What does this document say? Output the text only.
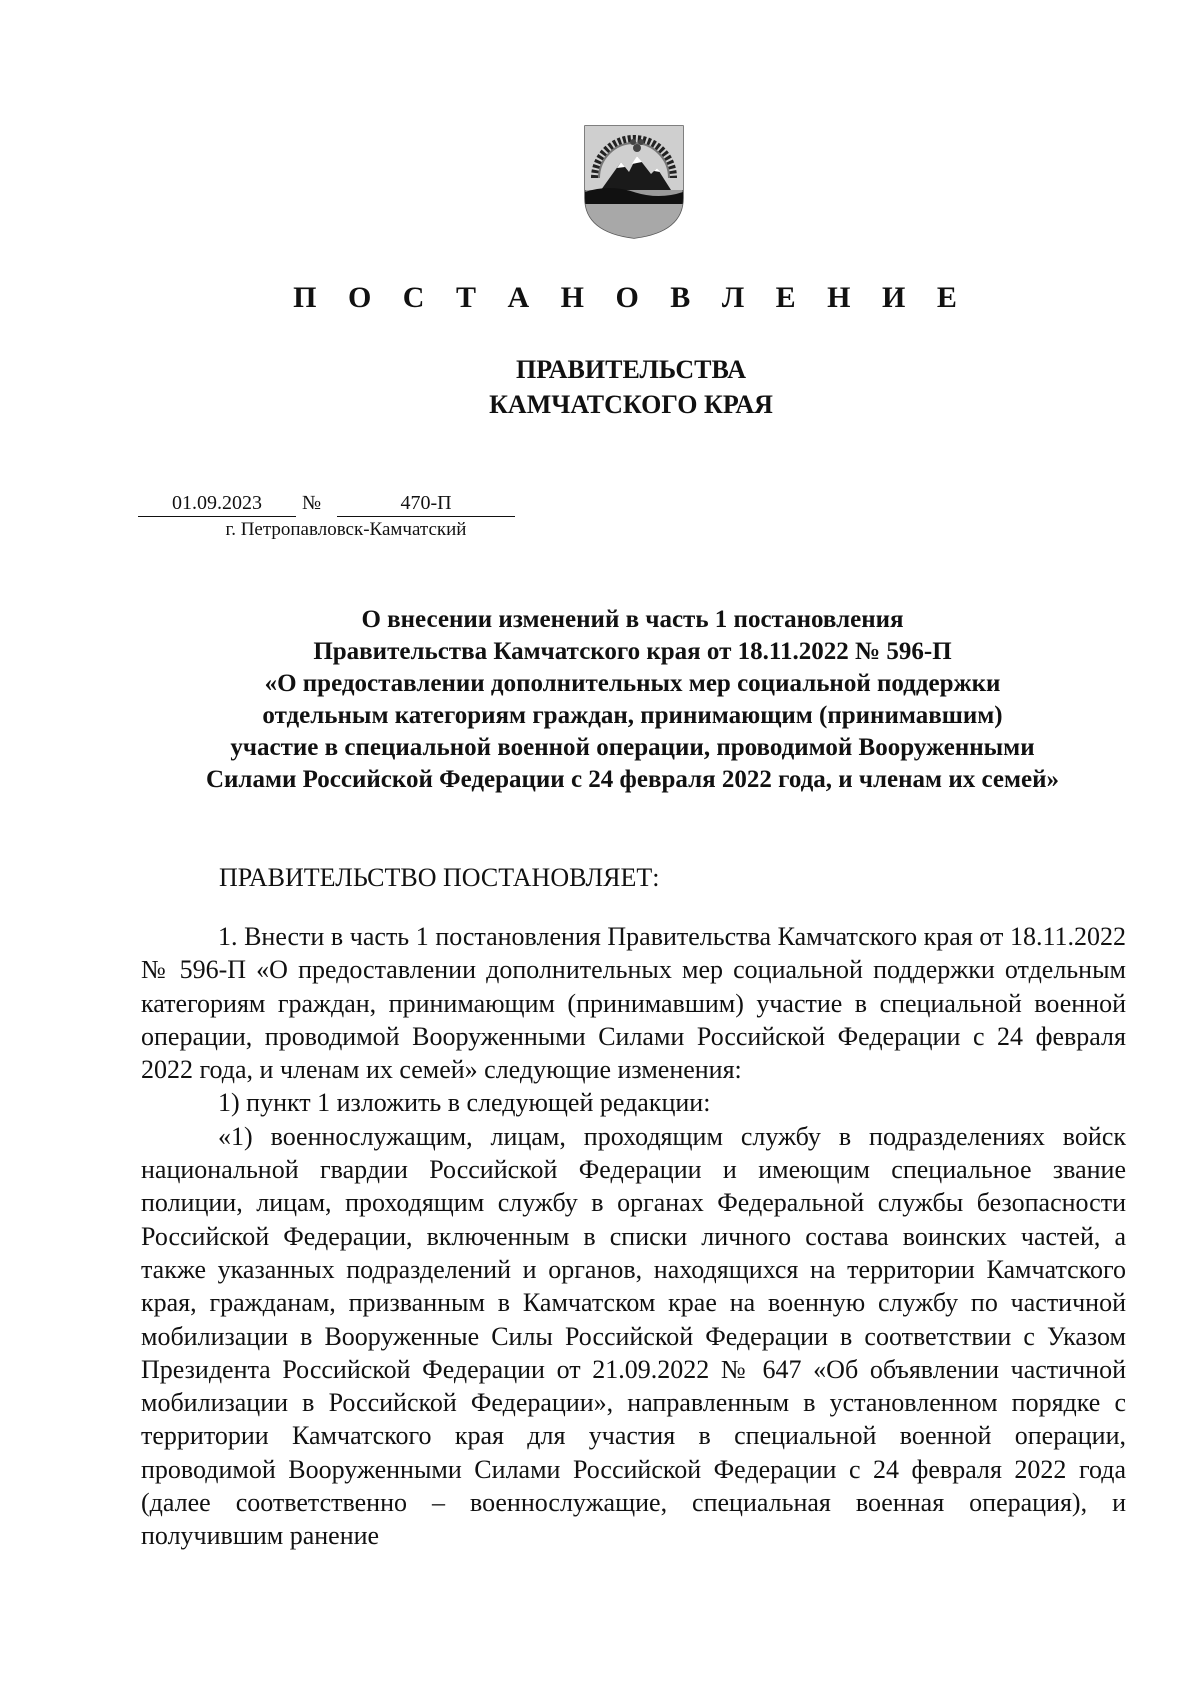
П О С Т А Н О В Л Е Н И Е
ПРАВИТЕЛЬСТВА
КАМЧАТСКОГО КРАЯ
01.09.2023	№	470-П
г. Петропавловск-Камчатский
О внесении изменений в часть 1 постановления
Правительства Камчатского края от 18.11.2022 № 596-П
«О предоставлении дополнительных мер социальной поддержки
отдельным категориям граждан, принимающим (принимавшим)
участие в специальной военной операции, проводимой Вооруженными
Силами Российской Федерации с 24 февраля 2022 года, и членам их семей»

ПРАВИТЕЛЬСТВО ПОСТАНОВЛЯЕТ:

1. Внести в часть 1 постановления Правительства Камчатского края от 18.11.2022 № 596-П «О предоставлении дополнительных мер социальной поддержки отдельным категориям граждан, принимающим (принимавшим) участие в специальной военной операции, проводимой Вооруженными Силами Российской Федерации с 24 февраля 2022 года, и членам их семей» следующие изменения:

1) пункт 1 изложить в следующей редакции:

«1) военнослужащим, лицам, проходящим службу в подразделениях войск национальной гвардии Российской Федерации и имеющим специальное звание полиции, лицам, проходящим службу в органах Федеральной службы безопасности Российской Федерации, включенным в списки личного состава воинских частей, а также указанных подразделений и органов, находящихся на территории Камчатского края, гражданам, призванным в Камчатском крае на военную службу по частичной мобилизации в Вооруженные Силы Российской Федерации в соответствии с Указом Президента Российской Федерации от 21.09.2022 № 647 «Об объявлении частичной мобилизации в Российской Федерации», направленным в установленном порядке с территории Камчатского края для участия в специальной военной операции, проводимой Вооруженными Силами Российской Федерации с 24 февраля 2022 года (далее соответственно – военнослужащие, специальная военная операция), и получившим ранение
